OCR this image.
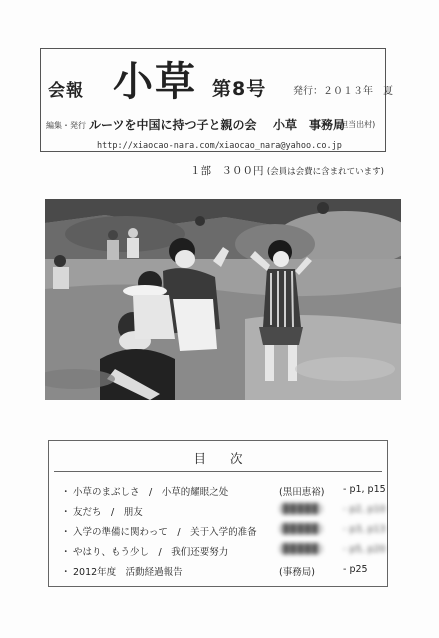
会報 小草 第8号	発行：２０１３年　夏
編集・発行 ルーツを中国に持つ子と親の会 小草　事務局
(担当出村)
http://xiaocao-nara.com/ xiaocao_nara@yahoo.co.jp
１部　３００円 (会員は会費に含まれています)
目次
・ 小草のまぶしさ　/　小草的耀眼之处	(黒田恵裕) - p1, p15
・ 友だち　/　朋友	(▉▉▉▉▉) - p2, p10
・ 入学の準備に関わって　/　关于入学的准备 (▉▉▉▉▉) - p3, p13
・ やはり、もう少し　/　我们还要努力	(▉▉▉▉▉) - p5, p20
・ 2012年度　活動経過報告	(事務局)	- p25
